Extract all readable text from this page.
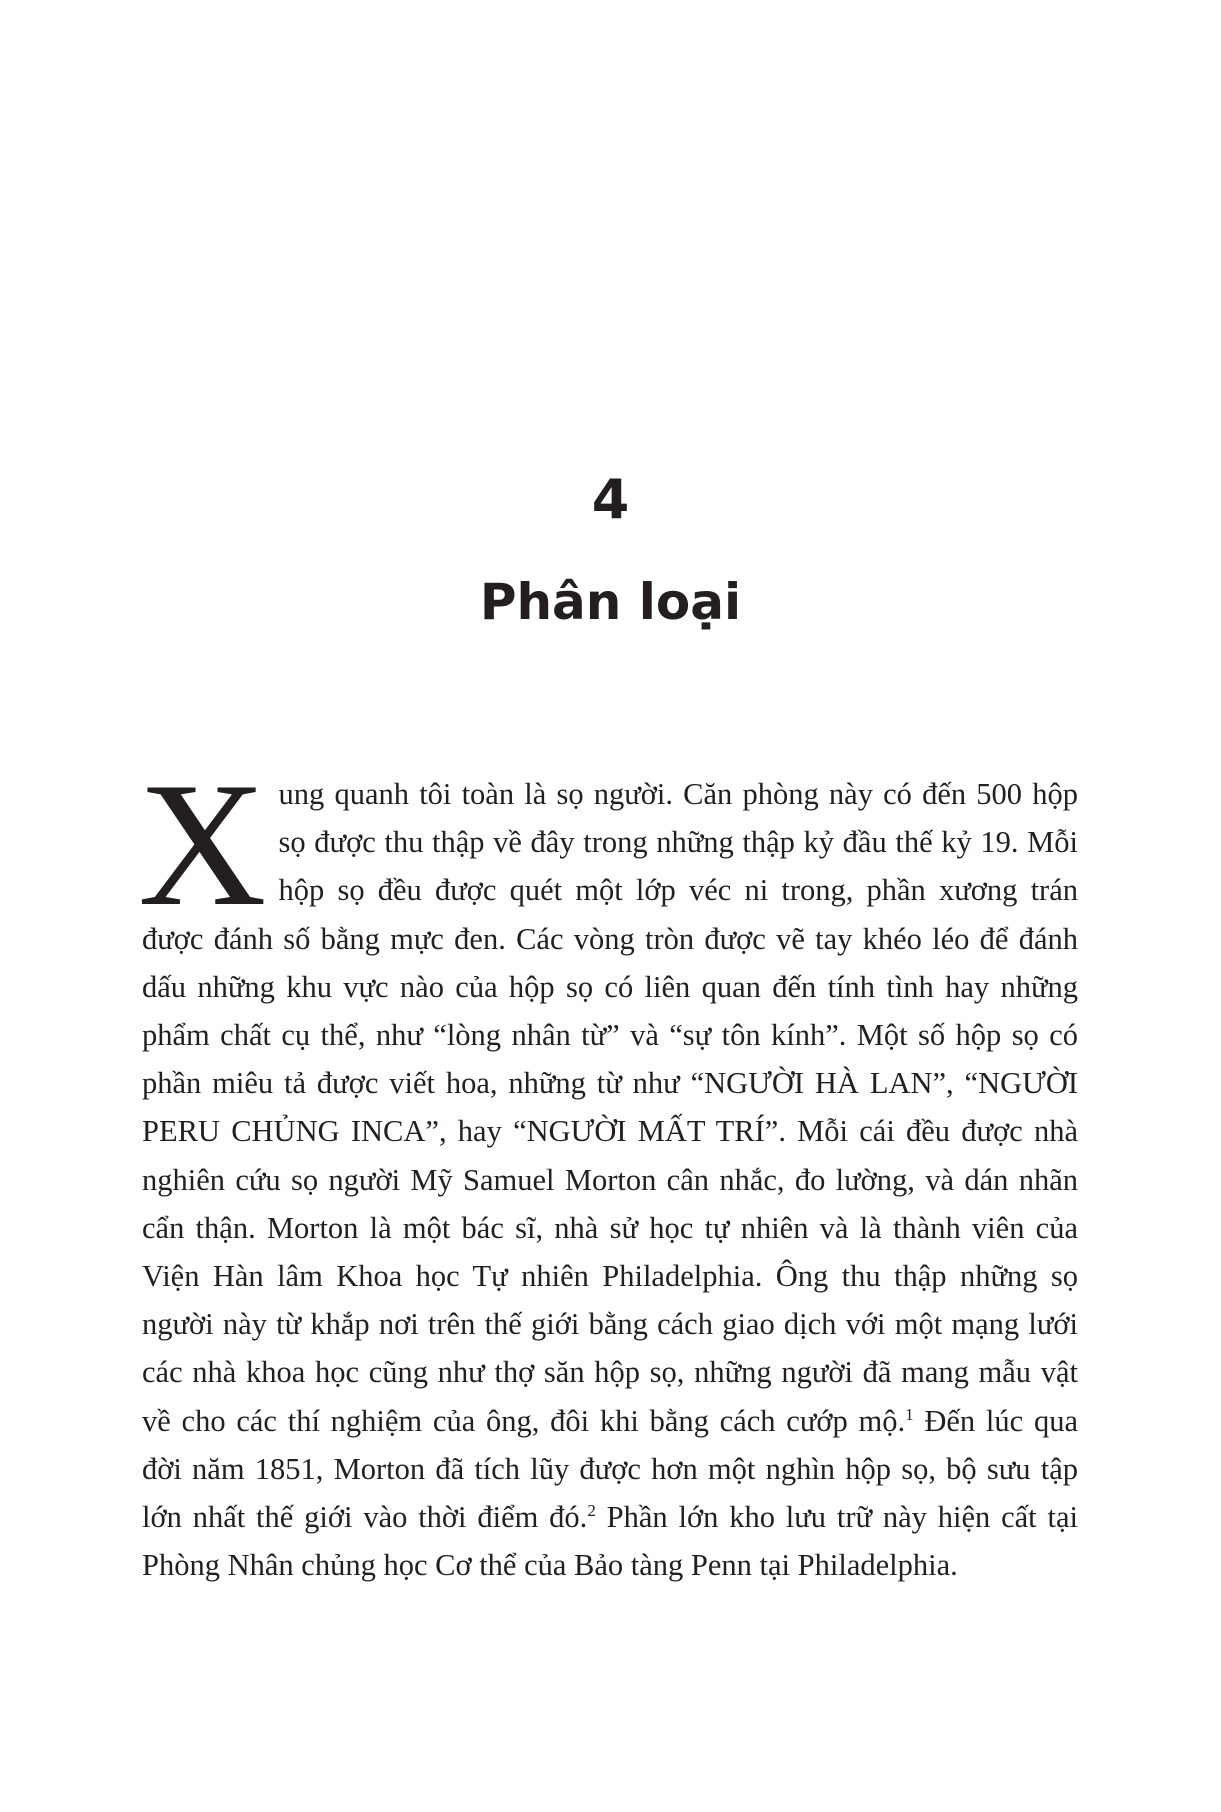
4
Phân loại

Xung quanh tôi toàn là sọ người. Căn phòng này có đến 500 hộp sọ được thu thập về đây trong những thập kỷ đầu thế kỷ 19. Mỗi hộp sọ đều được quét một lớp véc ni trong, phần xương trán được đánh số bằng mực đen. Các vòng tròn được vẽ tay khéo léo để đánh dấu những khu vực nào của hộp sọ có liên quan đến tính tình hay những phẩm chất cụ thể, như “lòng nhân từ” và “sự tôn kính”. Một số hộp sọ có phần miêu tả được viết hoa, những từ như “NGƯỜI HÀ LAN”, “NGƯỜI PERU CHỦNG INCA”, hay “NGƯỜI MẤT TRÍ”. Mỗi cái đều được nhà nghiên cứu sọ người Mỹ Samuel Morton cân nhắc, đo lường, và dán nhãn cẩn thận. Morton là một bác sĩ, nhà sử học tự nhiên và là thành viên của Viện Hàn lâm Khoa học Tự nhiên Philadelphia. Ông thu thập những sọ người này từ khắp nơi trên thế giới bằng cách giao dịch với một mạng lưới các nhà khoa học cũng như thợ săn hộp sọ, những người đã mang mẫu vật về cho các thí nghiệm của ông, đôi khi bằng cách cướp mộ.$^1$ Đến lúc qua đời năm 1851, Morton đã tích lũy được hơn một nghìn hộp sọ, bộ sưu tập lớn nhất thế giới vào thời điểm đó.$^2$ Phần lớn kho lưu trữ này hiện cất tại Phòng Nhân chủng học Cơ thể của Bảo tàng Penn tại Philadelphia.
